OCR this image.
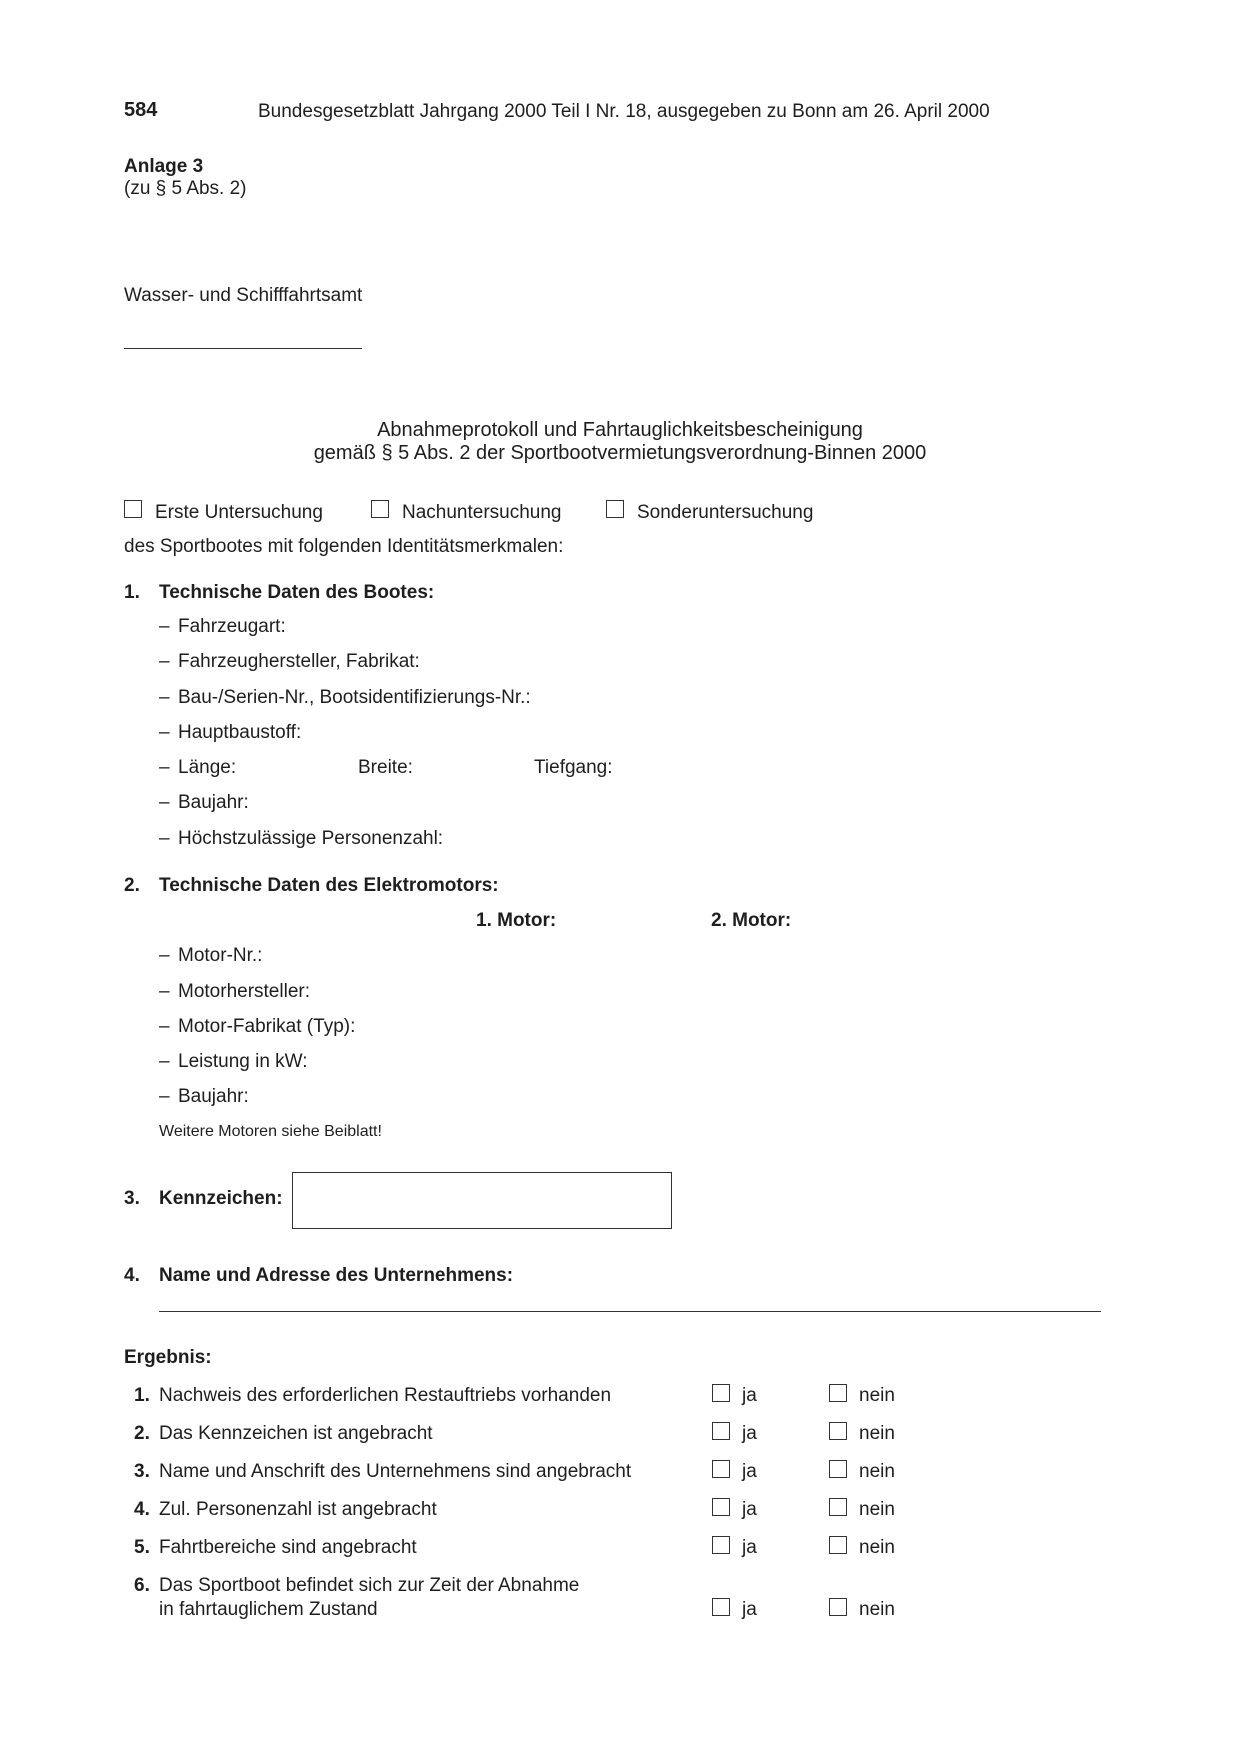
584	Bundesgesetzblatt Jahrgang 2000 Teil I Nr. 18, ausgegeben zu Bonn am 26. April 2000
Anlage 3
(zu § 5 Abs. 2)
Wasser- und Schifffahrtsamt
Abnahmeprotokoll und Fahrtauglichkeitsbescheinigung
gemäß § 5 Abs. 2 der Sportbootvermietungsverordnung-Binnen 2000
Erste Untersuchung	Nachuntersuchung	Sonderuntersuchung
des Sportbootes mit folgenden Identitätsmerkmalen:
1. Technische Daten des Bootes:
– Fahrzeugart:
– Fahrzeughersteller, Fabrikat:
– Bau-/Serien-Nr., Bootsidentifizierungs-Nr.:
– Hauptbaustoff:
– Länge:	Breite:	Tiefgang:
– Baujahr:
– Höchstzulässige Personenzahl:
2. Technische Daten des Elektromotors:
1. Motor:	2. Motor:
– Motor-Nr.:
– Motorhersteller:
– Motor-Fabrikat (Typ):
– Leistung in kW:
– Baujahr:
Weitere Motoren siehe Beiblatt!
3. Kennzeichen:
4. Name und Adresse des Unternehmens:
Ergebnis:
1. Nachweis des erforderlichen Restauftriebs vorhanden	ja	nein
2. Das Kennzeichen ist angebracht	ja	nein
3. Name und Anschrift des Unternehmens sind angebracht	ja	nein
4. Zul. Personenzahl ist angebracht	ja	nein
5. Fahrtbereiche sind angebracht	ja	nein
6. Das Sportboot befindet sich zur Zeit der Abnahme
in fahrtauglichem Zustand	ja	nein
